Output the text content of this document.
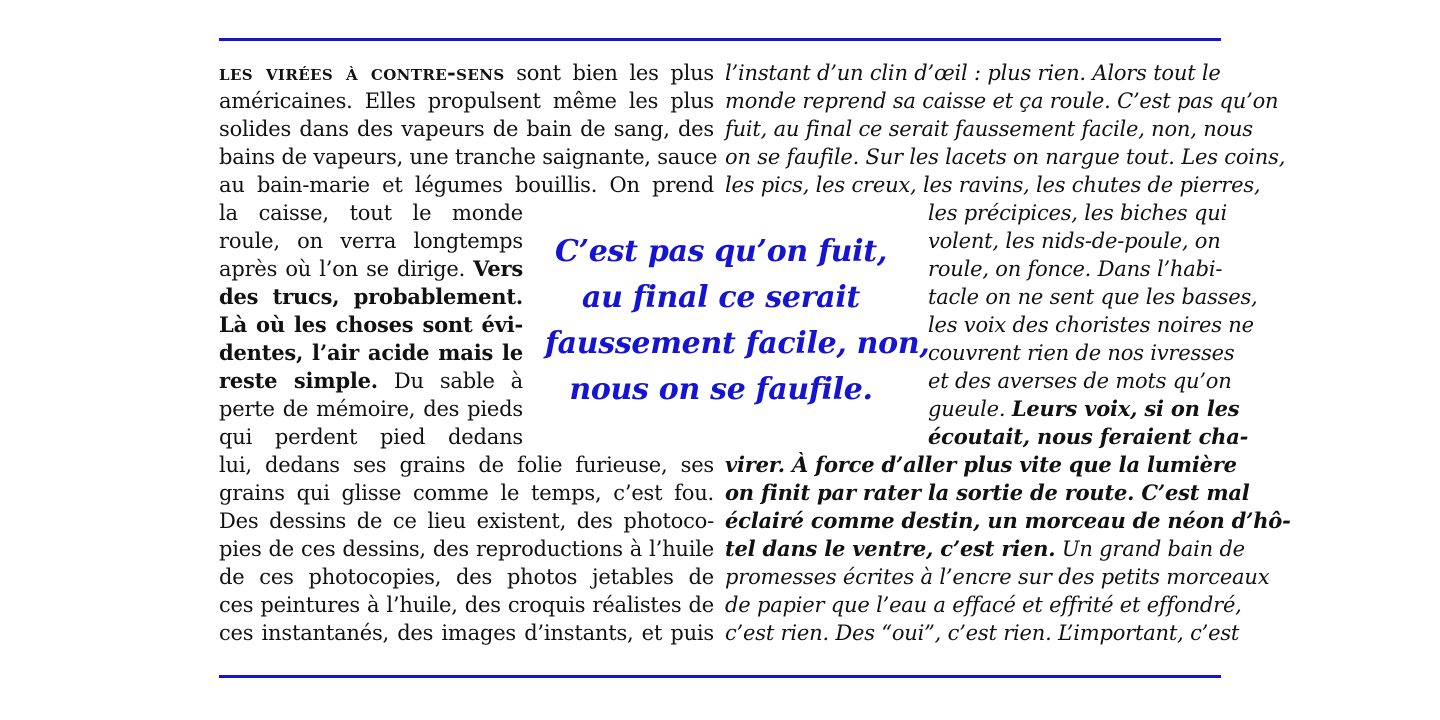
les virées à contre-sens sont bien les plus
américaines. Elles propulsent même les plus
solides dans des vapeurs de bain de sang, des
bains de vapeurs, une tranche saignante, sauce
au bain-marie et légumes bouillis. On prend
la caisse, tout le monde
roule, on verra longtemps
après où l’on se dirige. Vers
des trucs, probablement.
Là où les choses sont évi-
dentes, l’air acide mais le
reste simple. Du sable à
perte de mémoire, des pieds
qui perdent pied dedans
lui, dedans ses grains de folie furieuse, ses
grains qui glisse comme le temps, c’est fou.
Des dessins de ce lieu existent, des photoco-
pies de ces dessins, des reproductions à l’huile
de ces photocopies, des photos jetables de
ces peintures à l’huile, des croquis réalistes de
ces instantanés, des images d’instants, et puis
l’instant d’un clin d’œil : plus rien. Alors tout le
monde reprend sa caisse et ça roule. C’est pas qu’on
fuit, au final ce serait faussement facile, non, nous
on se faufile. Sur les lacets on nargue tout. Les coins,
les pics, les creux, les ravins, les chutes de pierres,
les précipices, les biches qui
volent, les nids-de-poule, on
roule, on fonce. Dans l’habi-
tacle on ne sent que les basses,
les voix des choristes noires ne
couvrent rien de nos ivresses
et des averses de mots qu’on
gueule. Leurs voix, si on les
écoutait, nous feraient cha-
virer. À force d’aller plus vite que la lumière
on finit par rater la sortie de route. C’est mal
éclairé comme destin, un morceau de néon d’hô-
tel dans le ventre, c’est rien. Un grand bain de
promesses écrites à l’encre sur des petits morceaux
de papier que l’eau a effacé et effrité et effondré,
c’est rien. Des “oui”, c’est rien. L’important, c’est
C’est pas qu’on fuit,
au final ce serait
faussement facile, non,
nous on se faufile.
